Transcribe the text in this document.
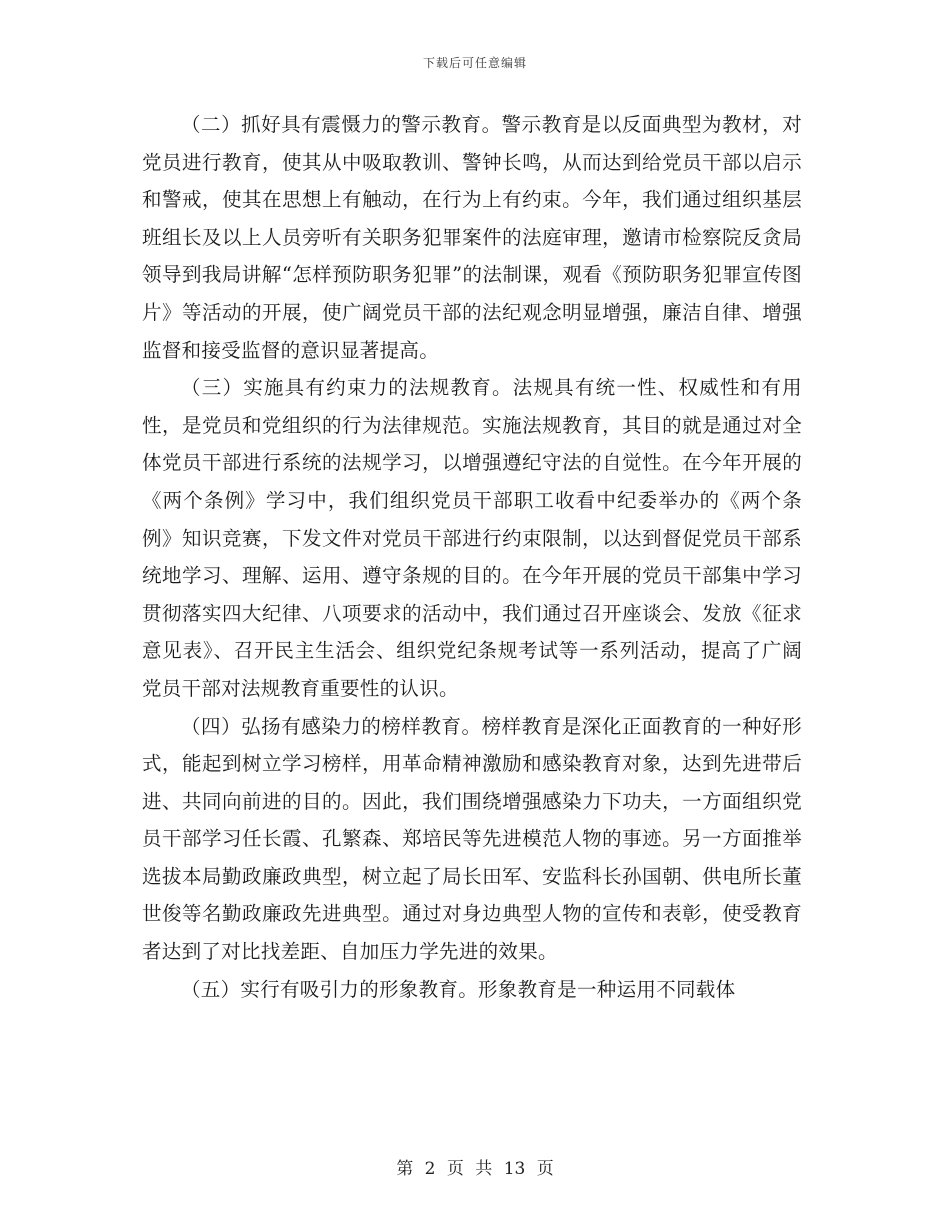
下载后可任意编辑

（二）抓好具有震慑力的警示教育。警示教育是以反面典型为教材，对党员进行教育，使其从中吸取教训、警钟长鸣，从而达到给党员干部以启示和警戒，使其在思想上有触动，在行为上有约束。今年，我们通过组织基层班组长及以上人员旁听有关职务犯罪案件的法庭审理，邀请市检察院反贪局领导到我局讲解“怎样预防职务犯罪”的法制课，观看《预防职务犯罪宣传图片》等活动的开展，使广阔党员干部的法纪观念明显增强，廉洁自律、增强监督和接受监督的意识显著提高。

（三）实施具有约束力的法规教育。法规具有统一性、权威性和有用性，是党员和党组织的行为法律规范。实施法规教育，其目的就是通过对全体党员干部进行系统的法规学习，以增强遵纪守法的自觉性。在今年开展的《两个条例》学习中，我们组织党员干部职工收看中纪委举办的《两个条例》知识竞赛，下发文件对党员干部进行约束限制，以达到督促党员干部系统地学习、理解、运用、遵守条规的目的。在今年开展的党员干部集中学习贯彻落实四大纪律、八项要求的活动中，我们通过召开座谈会、发放《征求意见表》、召开民主生活会、组织党纪条规考试等一系列活动，提高了广阔党员干部对法规教育重要性的认识。

（四）弘扬有感染力的榜样教育。榜样教育是深化正面教育的一种好形式，能起到树立学习榜样，用革命精神激励和感染教育对象，达到先进带后进、共同向前进的目的。因此，我们围绕增强感染力下功夫，一方面组织党员干部学习任长霞、孔繁森、郑培民等先进模范人物的事迹。另一方面推举选拔本局勤政廉政典型，树立起了局长田军、安监科长孙国朝、供电所长董世俊等名勤政廉政先进典型。通过对身边典型人物的宣传和表彰，使受教育者达到了对比找差距、自加压力学先进的效果。

（五）实行有吸引力的形象教育。形象教育是一种运用不同载体

第 2 页 共 13 页
